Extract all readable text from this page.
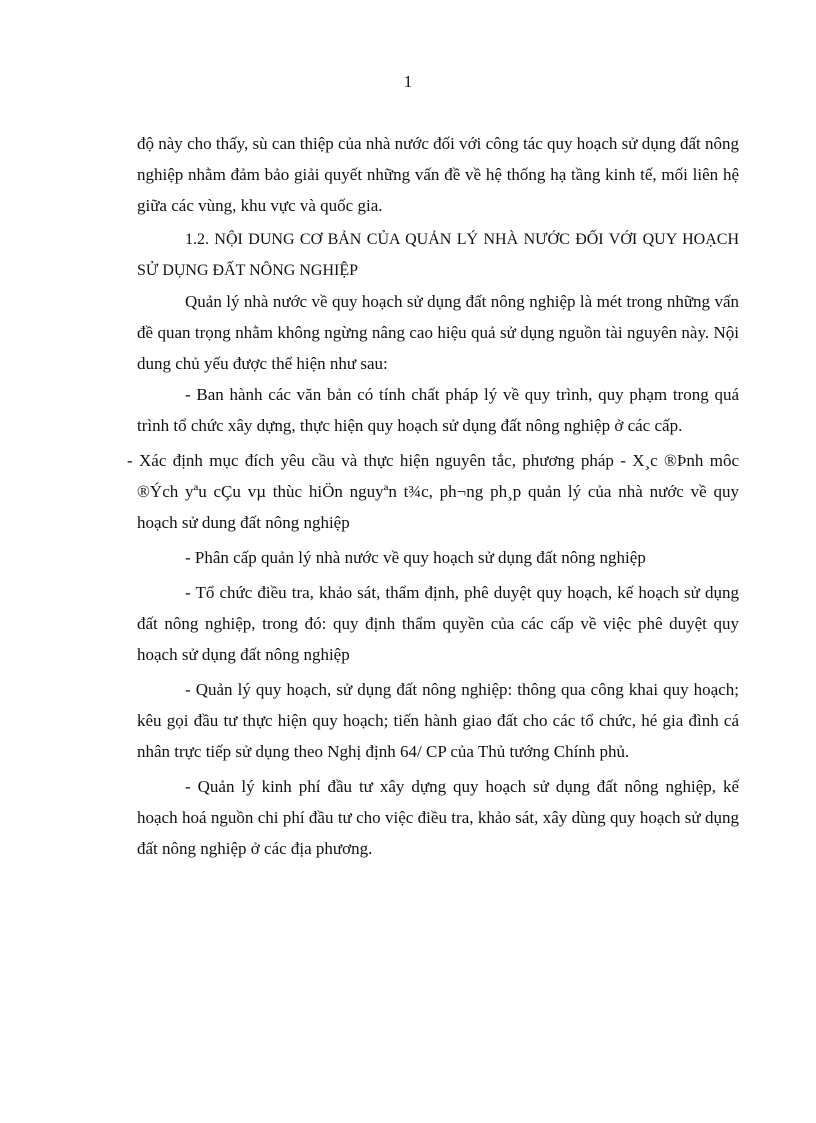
1

độ này cho thấy, sù can thiệp của nhà nước đối với công tác quy hoạch sử dụng đất nông nghiệp nhằm đảm bảo giải quyết những vấn đề về hệ thống hạ tầng kinh tế, mối liên hệ giữa các vùng, khu vực và quốc gia.

1.2. NỘI DUNG CƠ BẢN CỦA QUẢN LÝ NHÀ NƯỚC ĐỐI VỚI QUY HOẠCH SỬ DỤNG ĐẤT NÔNG NGHIỆP

Quản lý nhà nước về quy hoạch sử dụng đất nông nghiệp là mét trong những vấn đề quan trọng nhằm không ngừng nâng cao hiệu quả sử dụng nguồn tài nguyên này. Nội dung chủ yếu được thể hiện như sau:

- Ban hành các văn bản có tính chất pháp lý về quy trình, quy phạm trong quá trình tổ chức xây dựng, thực hiện quy hoạch sử dụng đất nông nghiệp ở các cấp.

- Xác định mục đích yêu cầu và thực hiện nguyên tắc, phương pháp - X¸c ®Þnh môc ®Ých yªu cÇu vµ thùc hiÖn nguyªn t¾c, ph¬ng ph¸p quản lý của nhà nước về quy hoạch sử dung đất nông nghiệp

- Phân cấp quản lý nhà nước về quy hoạch sử dụng đất nông nghiệp

- Tổ chức điều tra, khảo sát, thẩm định, phê duyệt quy hoạch, kế hoạch sử dụng đất nông nghiệp, trong đó: quy định thẩm quyền của các cấp về việc phê duyệt quy hoạch sử dụng đất nông nghiệp

- Quản lý quy hoạch, sử dụng đất nông nghiệp: thông qua công khai quy hoạch; kêu gọi đầu tư thực hiện quy hoạch; tiến hành giao đất cho các tổ chức, hé gia đình cá nhân trực tiếp sử dụng theo Nghị định 64/ CP của Thủ tướng Chính phủ.

- Quản lý kinh phí đầu tư xây dựng quy hoạch sử dụng đất nông nghiệp, kế hoạch hoá nguồn chi phí đầu tư cho việc điều tra, khảo sát, xây dùng quy hoạch sử dụng đất nông nghiệp ở các địa phương.
